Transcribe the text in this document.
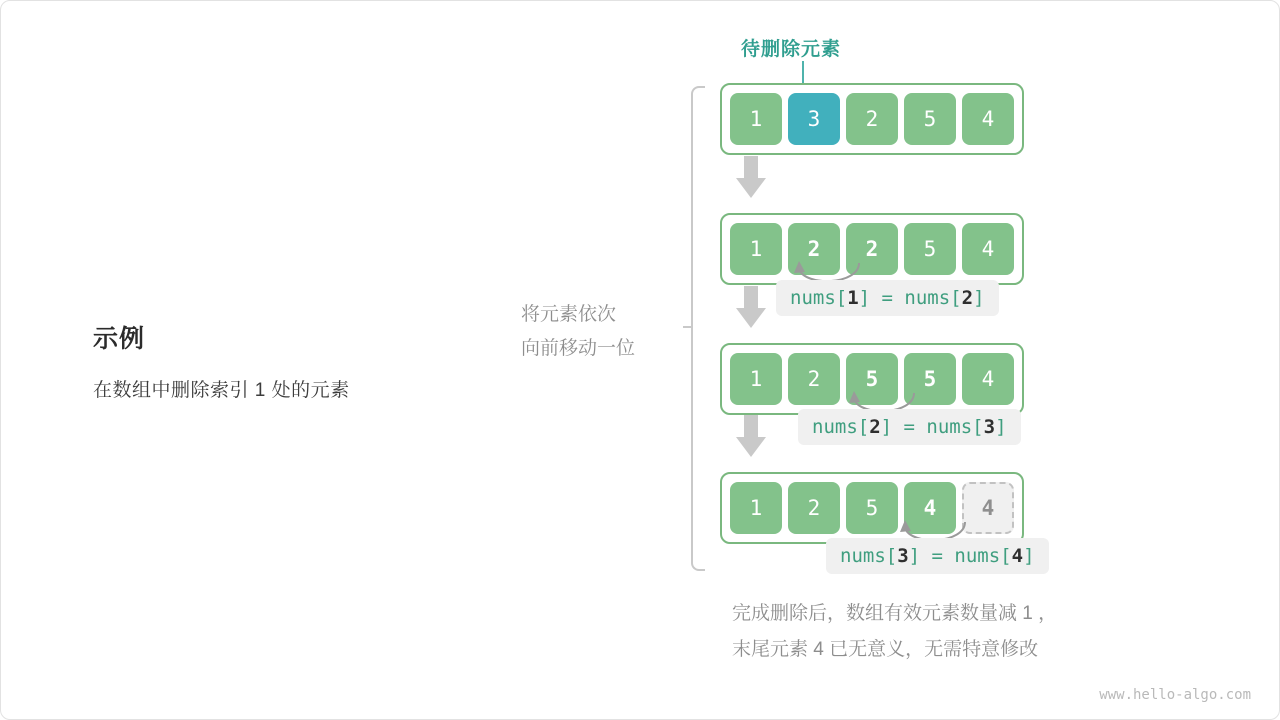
示例
在数组中删除索引 1 处的元素
待删除元素
将元素依次
向前移动一位
1	3	2	5	4
1	2	2	5	4
nums[1] = nums[2]
1	2	5	5	4
nums[2] = nums[3]
1	2	5	4	4
nums[3] = nums[4]
完成删除后，数组有效元素数量减 1 ，
末尾元素 4 已无意义，无需特意修改
www.hello-algo.com
